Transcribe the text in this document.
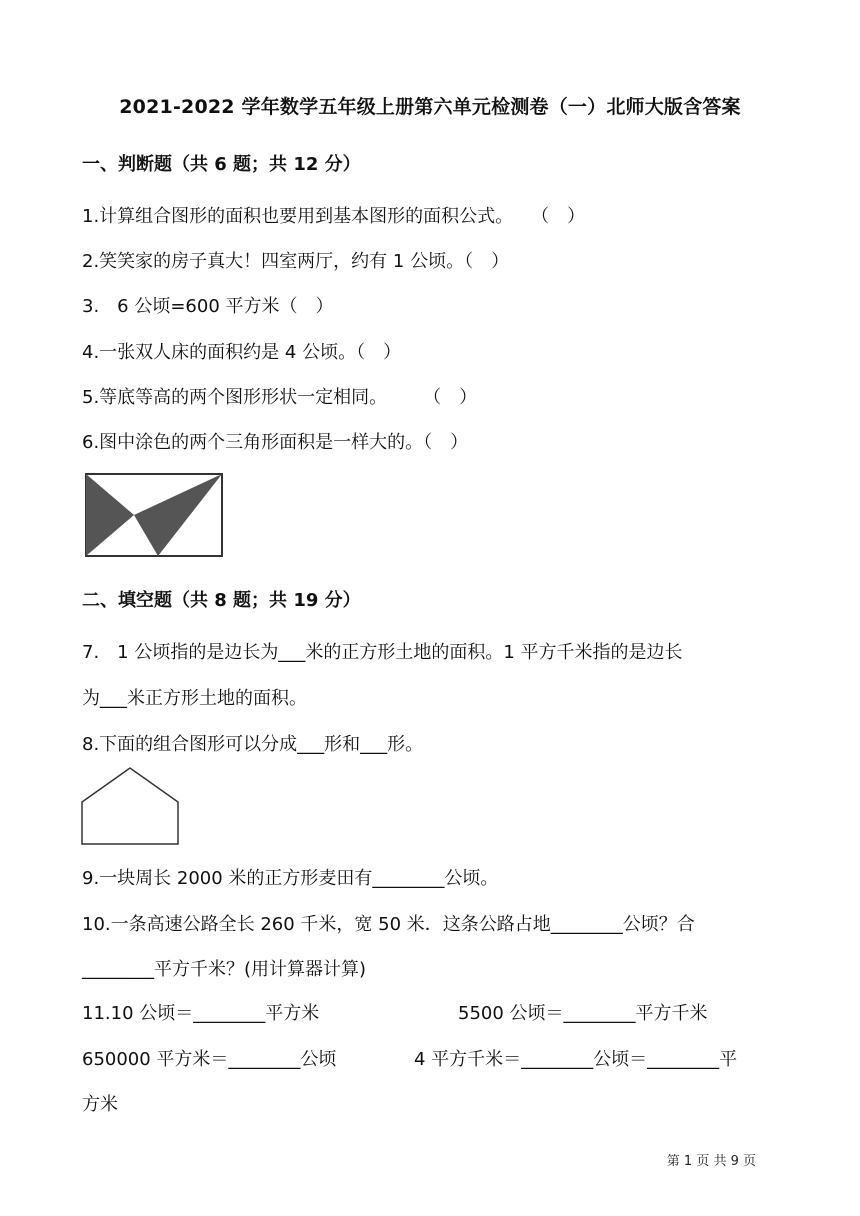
2021-2022 学年数学五年级上册第六单元检测卷（一）北师大版含答案
一、判断题（共 6 题；共 12 分）
1.计算组合图形的面积也要用到基本图形的面积公式。　　（　）
2.笑笑家的房子真大！四室两厅，约有 1 公顷。（　）
3.　6 公顷=600 平方米（　）
4.一张双人床的面积约是 4 公顷。（　）
5.等底等高的两个图形形状一定相同。　　　（　）
6.图中涂色的两个三角形面积是一样大的。（　）
二、填空题（共 8 题；共 19 分）
7.　1 公顷指的是边长为___米的正方形土地的面积。1 平方千米指的是边长
为___米正方形土地的面积。
8.下面的组合图形可以分成___形和___形。
9.一块周长 2000 米的正方形麦田有________公顷。
10.一条高速公路全长 260 千米，宽 50 米．这条公路占地________公顷？合
________平方千米？(用计算器计算)
11.10 公顷＝________平方米	5500 公顷＝________平方千米
650000 平方米＝________公顷	4 平方千米＝________公顷＝________平
方米
第 1 页 共 9 页
